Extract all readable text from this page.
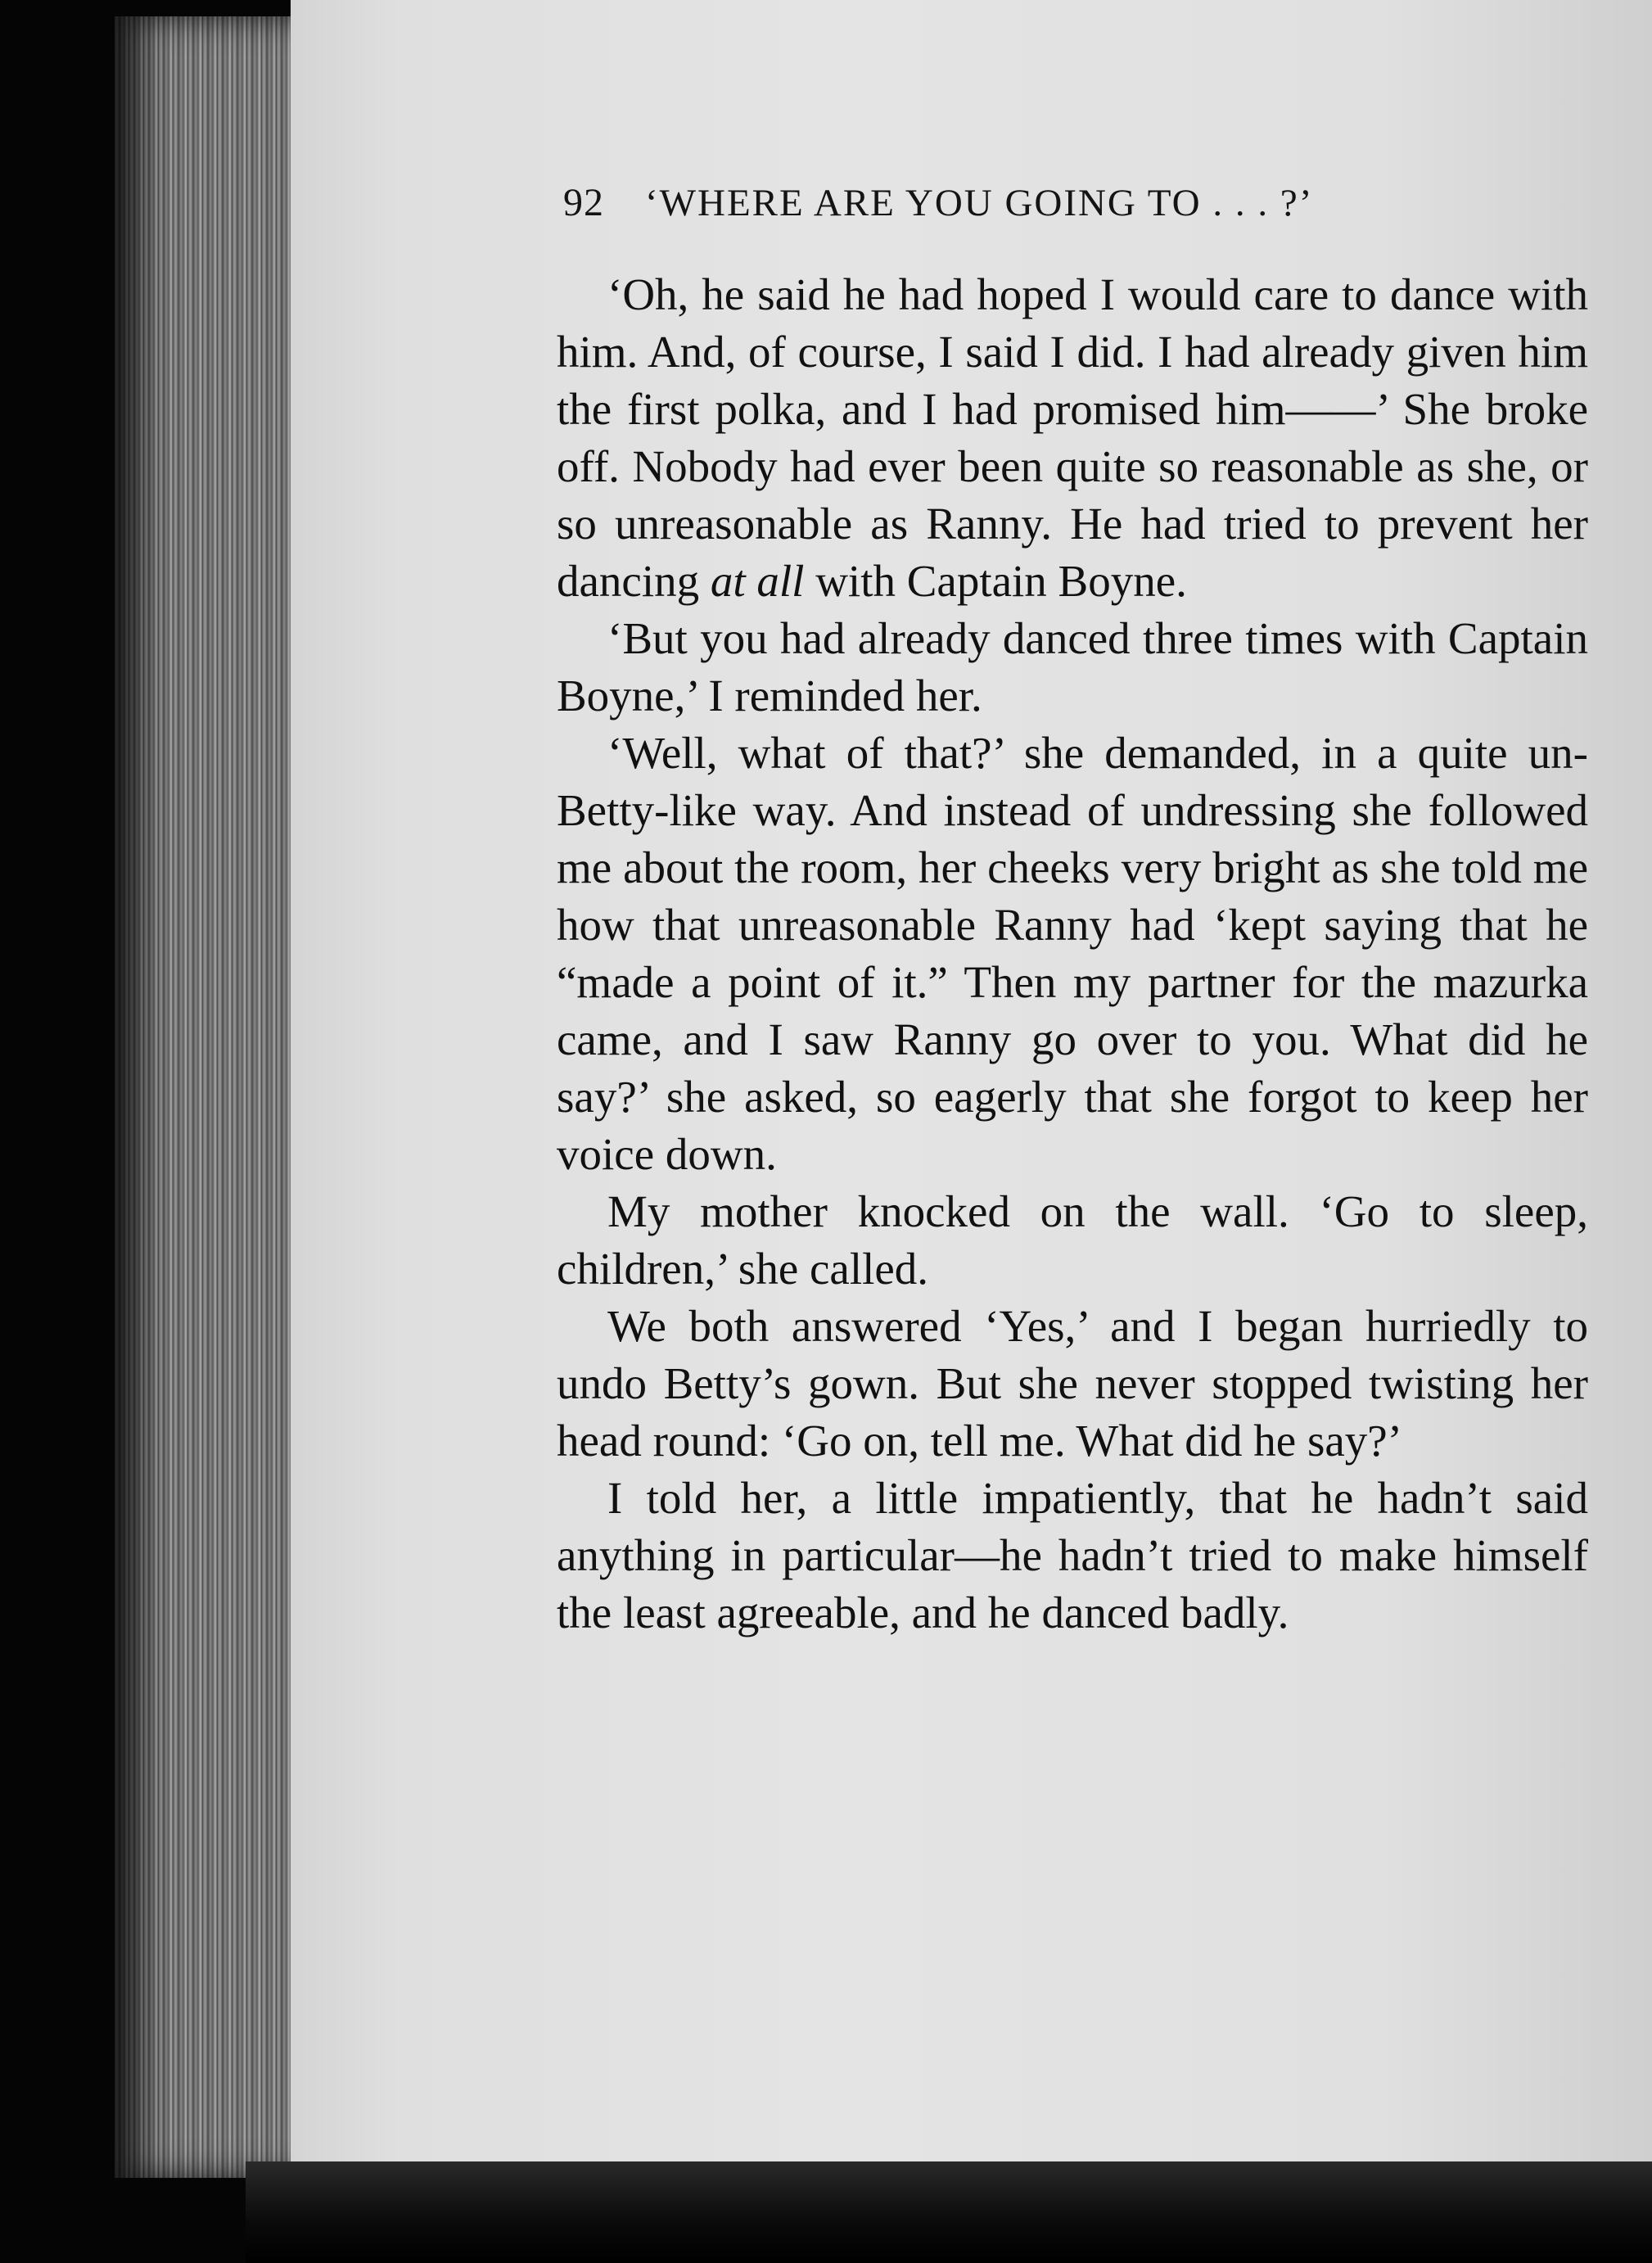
92 ‘WHERE ARE YOU GOING TO . . . ?’

‘Oh, he said he had hoped I would care to dance with him. And, of course, I said I did. I had already given him the first polka, and I had promised him——’ She broke off. Nobody had ever been quite so reasonable as she, or so unreasonable as Ranny. He had tried to prevent her dancing at all with Captain Boyne.

‘But you had already danced three times with Captain Boyne,’ I reminded her.

‘Well, what of that?’ she demanded, in a quite un-Betty-like way. And instead of undressing she followed me about the room, her cheeks very bright as she told me how that unreasonable Ranny had ‘kept saying that he “made a point of it.” Then my partner for the mazurka came, and I saw Ranny go over to you. What did he say?’ she asked, so eagerly that she forgot to keep her voice down.

My mother knocked on the wall. ‘Go to sleep, children,’ she called.

We both answered ‘Yes,’ and I began hurriedly to undo Betty’s gown. But she never stopped twisting her head round: ‘Go on, tell me. What did he say?’

I told her, a little impatiently, that he hadn’t said anything in particular—he hadn’t tried to make himself the least agreeable, and he danced badly.
